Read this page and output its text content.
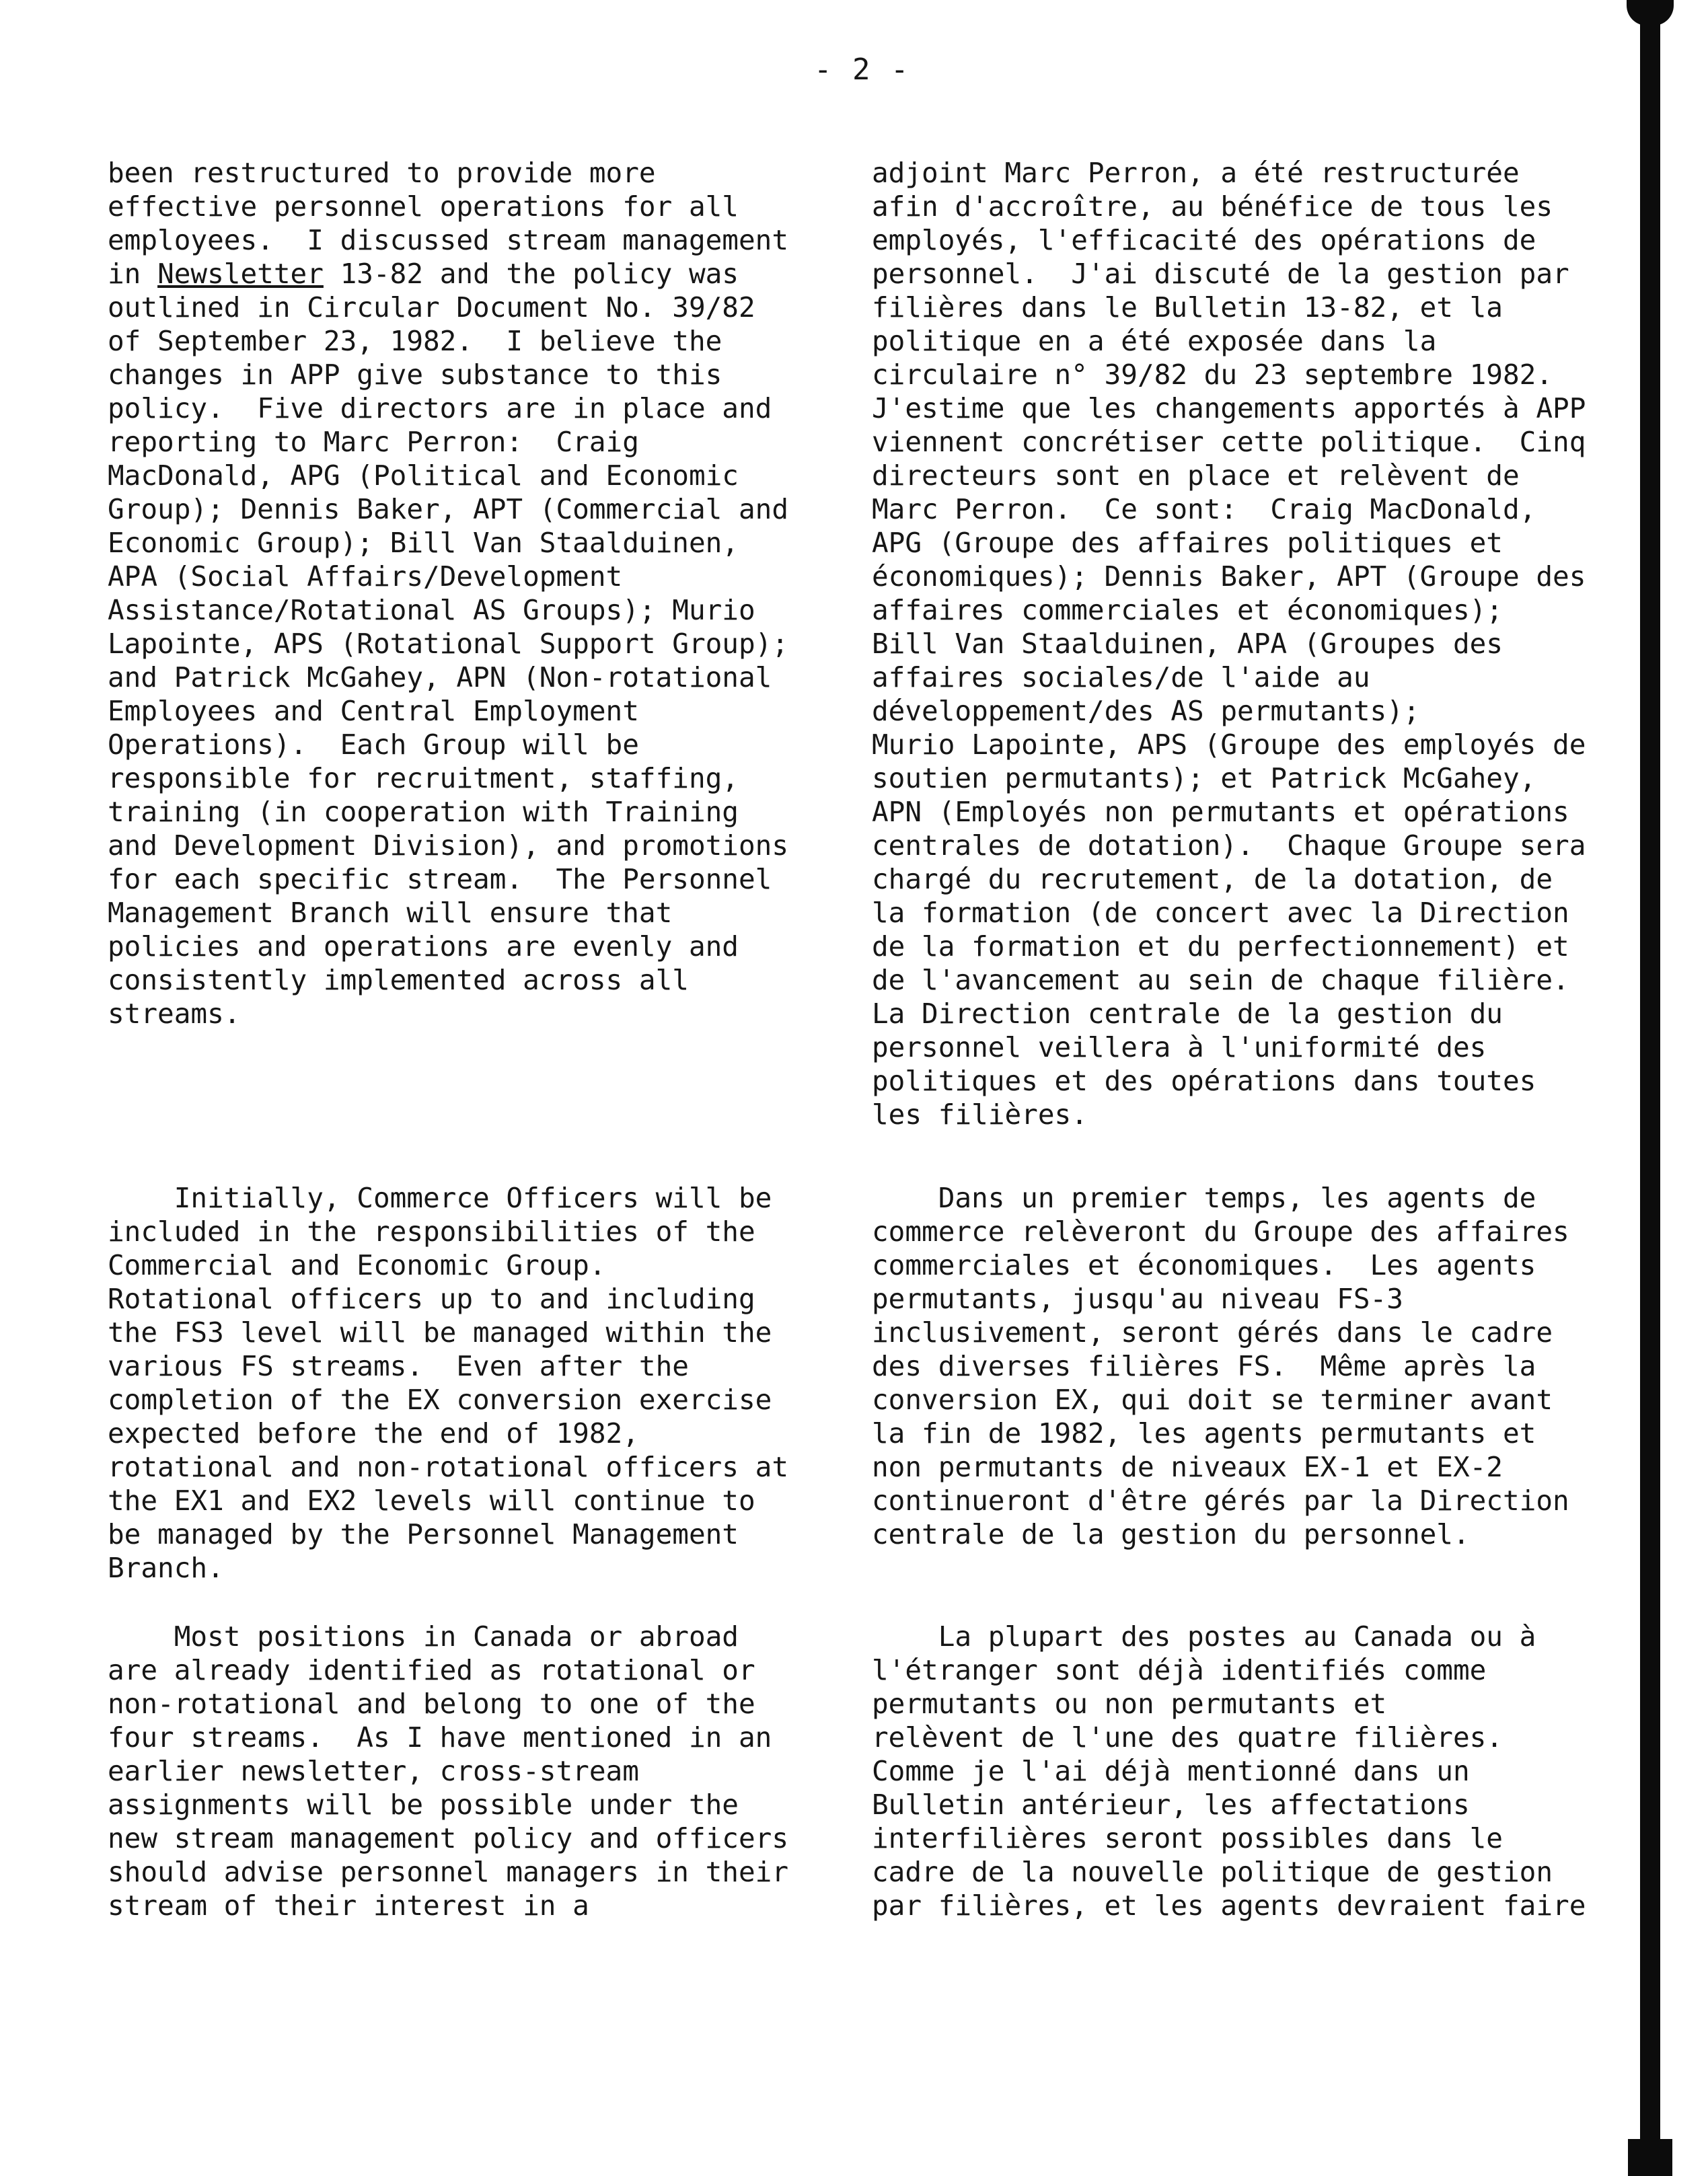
- 2 -
been restructured to provide more
effective personnel operations for all
employees.  I discussed stream management
in Newsletter 13-82 and the policy was
outlined in Circular Document No. 39/82
of September 23, 1982.  I believe the
changes in APP give substance to this
policy.  Five directors are in place and
reporting to Marc Perron:  Craig
MacDonald, APG (Political and Economic
Group); Dennis Baker, APT (Commercial and
Economic Group); Bill Van Staalduinen,
APA (Social Affairs/Development
Assistance/Rotational AS Groups); Murio
Lapointe, APS (Rotational Support Group);
and Patrick McGahey, APN (Non-rotational
Employees and Central Employment
Operations).  Each Group will be
responsible for recruitment, staffing,
training (in cooperation with Training
and Development Division), and promotions
for each specific stream.  The Personnel
Management Branch will ensure that
policies and operations are evenly and
consistently implemented across all
streams.
Initially, Commerce Officers will be
included in the responsibilities of the
Commercial and Economic Group.
Rotational officers up to and including
the FS3 level will be managed within the
various FS streams.  Even after the
completion of the EX conversion exercise
expected before the end of 1982,
rotational and non-rotational officers at
the EX1 and EX2 levels will continue to
be managed by the Personnel Management
Branch.
Most positions in Canada or abroad
are already identified as rotational or
non-rotational and belong to one of the
four streams.  As I have mentioned in an
earlier newsletter, cross-stream
assignments will be possible under the
new stream management policy and officers
should advise personnel managers in their
stream of their interest in a
adjoint Marc Perron, a été restructurée
afin d'accroître, au bénéfice de tous les
employés, l'efficacité des opérations de
personnel.  J'ai discuté de la gestion par
filières dans le Bulletin 13-82, et la
politique en a été exposée dans la
circulaire n° 39/82 du 23 septembre 1982.
J'estime que les changements apportés à APP
viennent concrétiser cette politique.  Cinq
directeurs sont en place et relèvent de
Marc Perron.  Ce sont:  Craig MacDonald,
APG (Groupe des affaires politiques et
économiques); Dennis Baker, APT (Groupe des
affaires commerciales et économiques);
Bill Van Staalduinen, APA (Groupes des
affaires sociales/de l'aide au
développement/des AS permutants);
Murio Lapointe, APS (Groupe des employés de
soutien permutants); et Patrick McGahey,
APN (Employés non permutants et opérations
centrales de dotation).  Chaque Groupe sera
chargé du recrutement, de la dotation, de
la formation (de concert avec la Direction
de la formation et du perfectionnement) et
de l'avancement au sein de chaque filière.
La Direction centrale de la gestion du
personnel veillera à l'uniformité des
politiques et des opérations dans toutes
les filières.
Dans un premier temps, les agents de
commerce relèveront du Groupe des affaires
commerciales et économiques.  Les agents
permutants, jusqu'au niveau FS-3
inclusivement, seront gérés dans le cadre
des diverses filières FS.  Même après la
conversion EX, qui doit se terminer avant
la fin de 1982, les agents permutants et
non permutants de niveaux EX-1 et EX-2
continueront d'être gérés par la Direction
centrale de la gestion du personnel.
La plupart des postes au Canada ou à
l'étranger sont déjà identifiés comme
permutants ou non permutants et
relèvent de l'une des quatre filières.
Comme je l'ai déjà mentionné dans un
Bulletin antérieur, les affectations
interfilières seront possibles dans le
cadre de la nouvelle politique de gestion
par filières, et les agents devraient faire
